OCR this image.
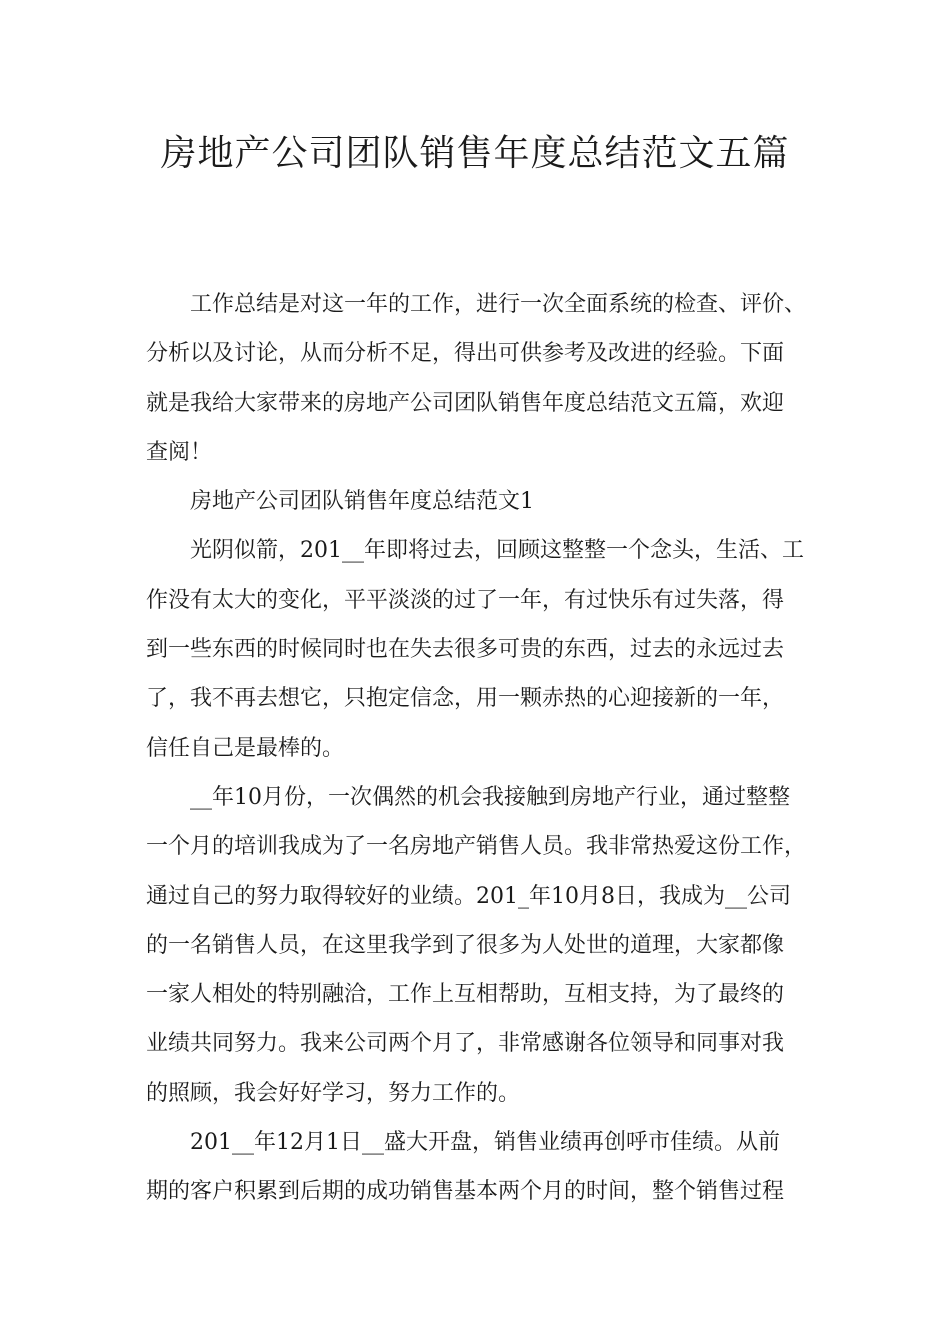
房地产公司团队销售年度总结范文五篇
工作总结是对这一年的工作，进行一次全面系统的检查、评价、
分析以及讨论，从而分析不足，得出可供参考及改进的经验。下面
就是我给大家带来的房地产公司团队销售年度总结范文五篇，欢迎
查阅！
房地产公司团队销售年度总结范文1
光阴似箭，201__年即将过去，回顾这整整一个念头，生活、工
作没有太大的变化，平平淡淡的过了一年，有过快乐有过失落，得
到一些东西的时候同时也在失去很多可贵的东西，过去的永远过去
了，我不再去想它，只抱定信念，用一颗赤热的心迎接新的一年，
信任自己是最棒的。
__年10月份，一次偶然的机会我接触到房地产行业，通过整整
一个月的培训我成为了一名房地产销售人员。我非常热爱这份工作，
通过自己的努力取得较好的业绩。201_年10月8日，我成为__公司
的一名销售人员，在这里我学到了很多为人处世的道理，大家都像
一家人相处的特别融洽，工作上互相帮助，互相支持，为了最终的
业绩共同努力。我来公司两个月了，非常感谢各位领导和同事对我
的照顾，我会好好学习，努力工作的。
201__年12月1日__盛大开盘，销售业绩再创呼市佳绩。从前
期的客户积累到后期的成功销售基本两个月的时间，整个销售过程
